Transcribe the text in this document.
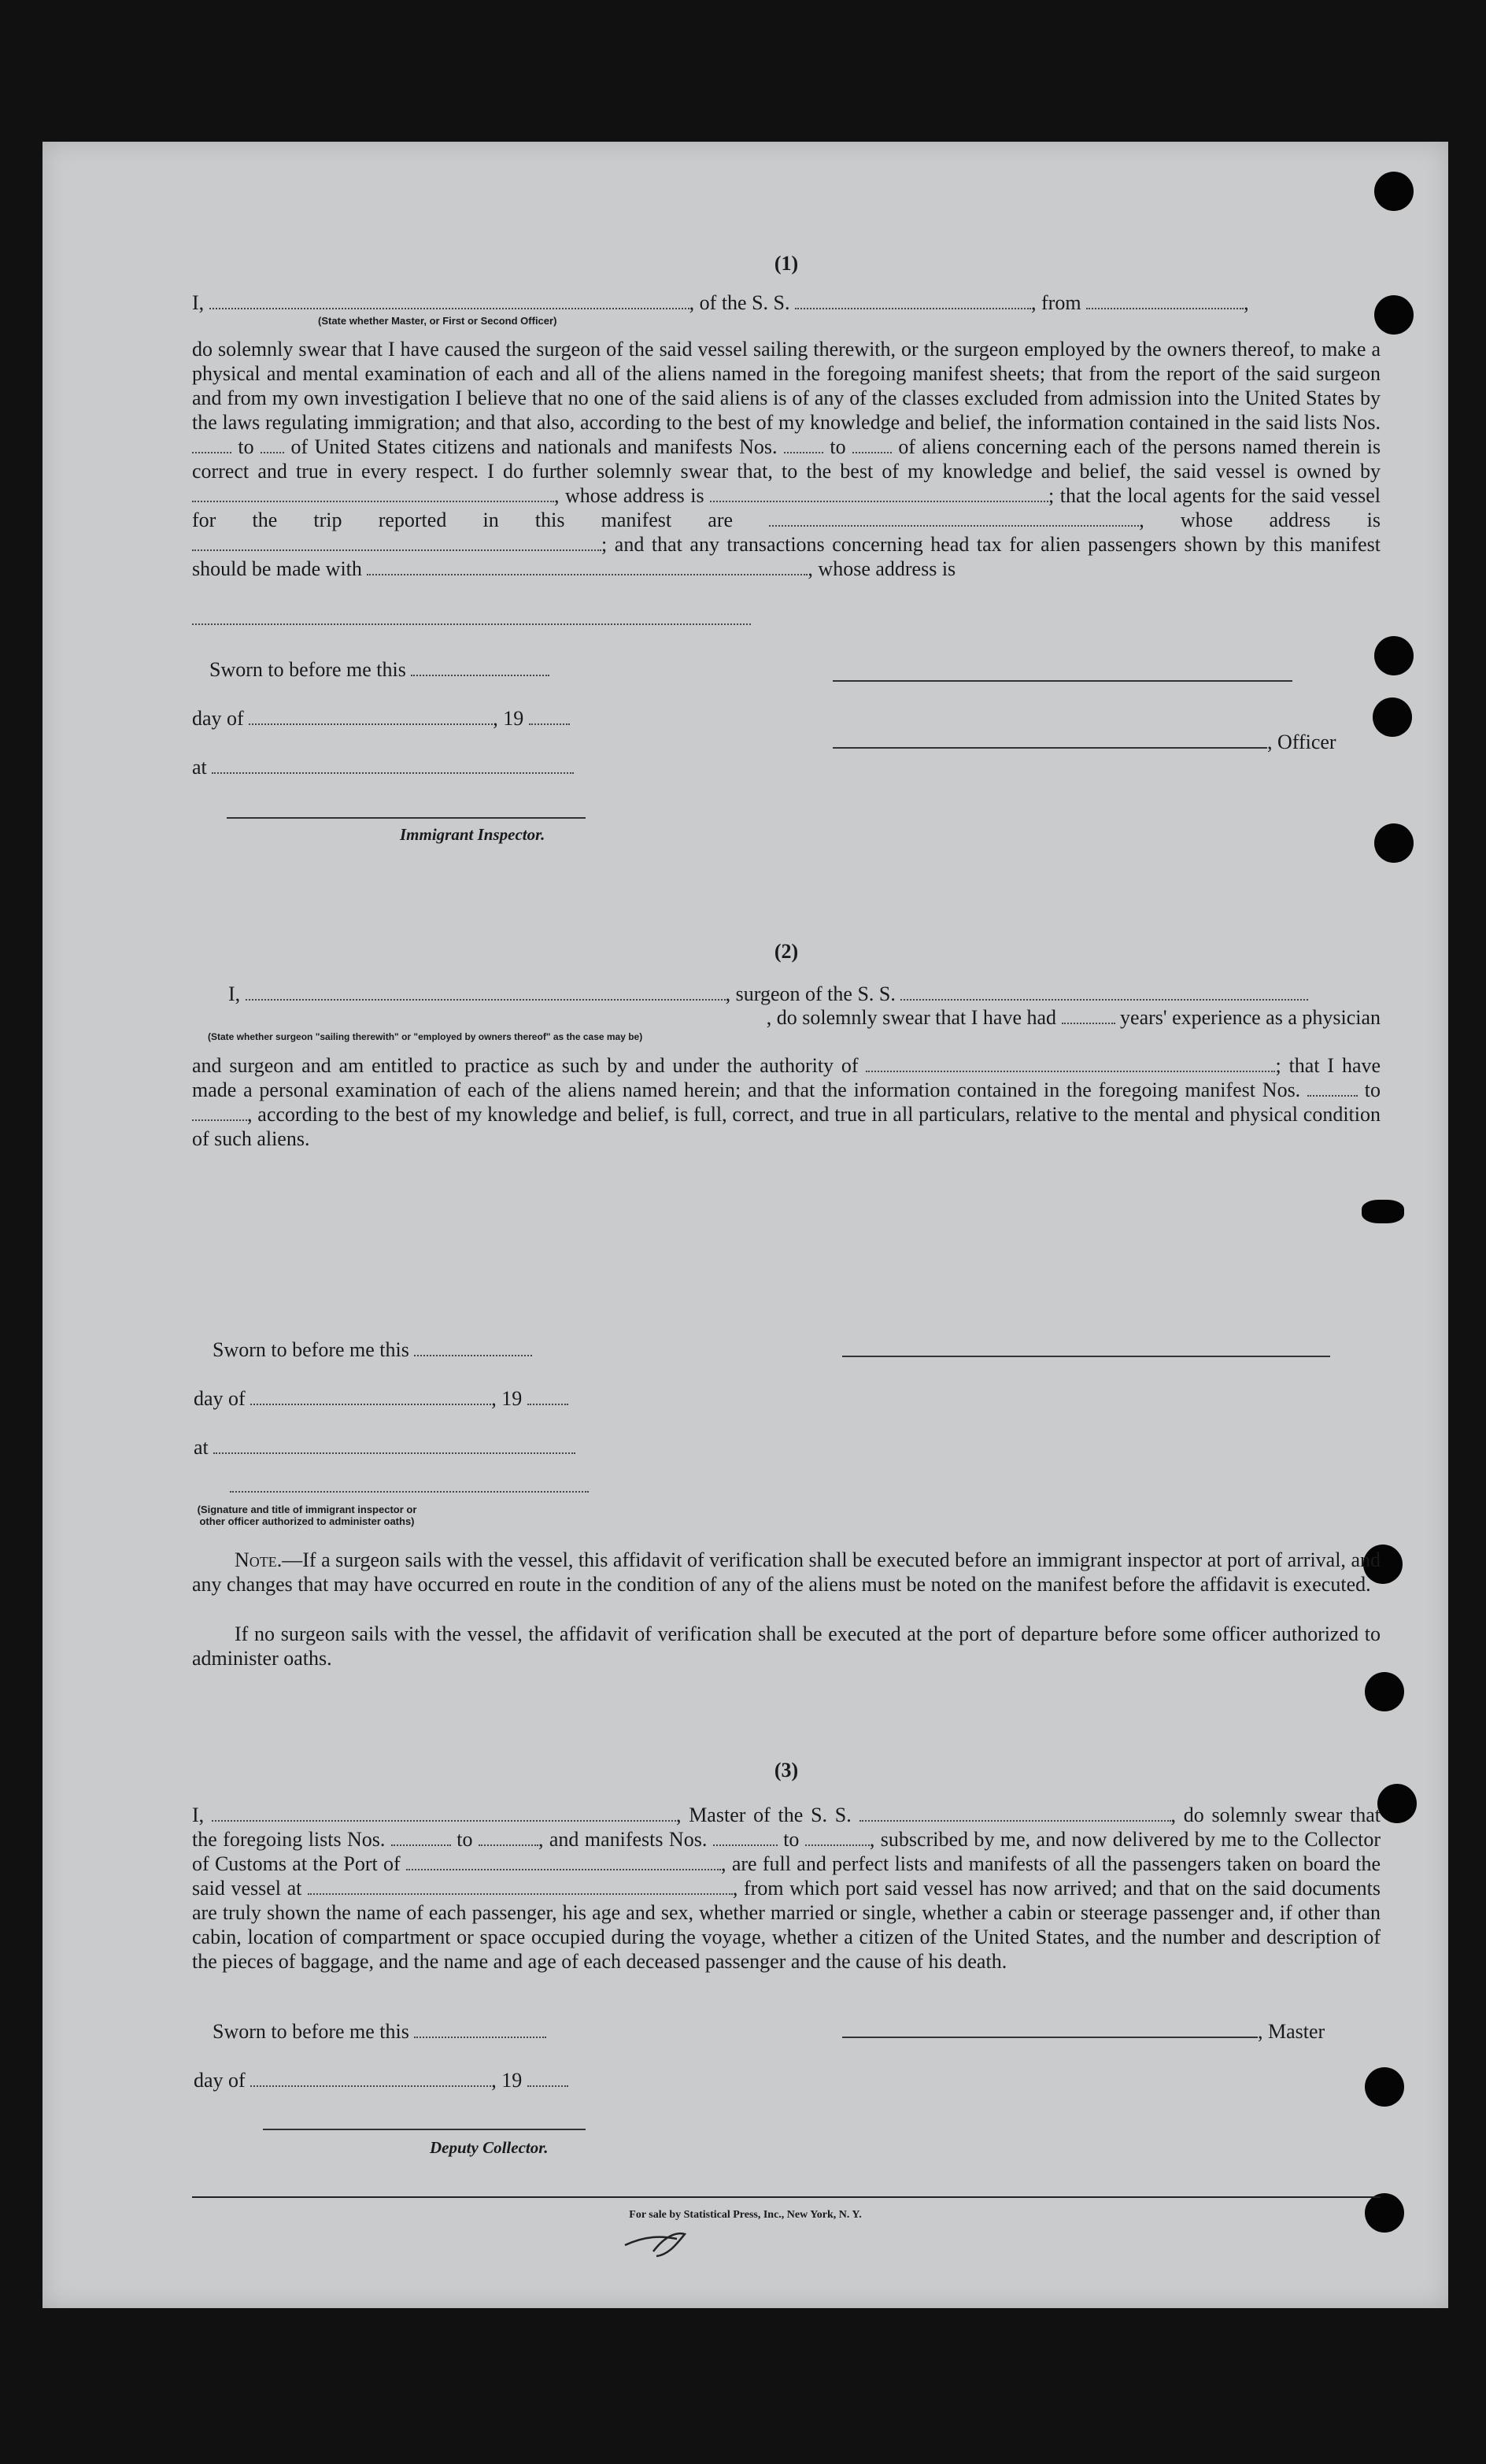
(1)
I,	, of the S. S.	, from	,
(State whether Master, or First or Second Officer)
do solemnly swear that I have caused the surgeon of the said vessel sailing therewith, or the surgeon employed by the owners thereof, to make a physical and mental examination of each and all of the aliens named in the foregoing manifest sheets; that from the report of the said surgeon and from my own investigation I believe that no one of the said aliens is of any of the classes excluded from admission into the United States by the laws regulating immigration; and that also, according to the best of my knowledge and belief, the information contained in the said lists Nos.  to of United States citizens and nationals and manifests Nos.	to	of aliens concerning each of the persons named therein is correct and true in every respect. I do further solemnly swear that, to the best of my knowledge and belief, the said vessel is owned by , whose address is	; that the local agents for the said vessel for the trip reported in this manifest are	, whose address is ; and that any transactions concerning head tax for alien passengers shown by this manifest should be made with	, whose address is
Sworn to before me this
day of	, 19
at
Immigrant Inspector.
, Officer
(2)
I,	, surgeon of the S. S.
, do solemnly swear that I have had	years' experience as a physician
(State whether surgeon "sailing therewith" or "employed by owners thereof" as the case may be)
and surgeon and am entitled to practice as such by and under the authority of	; that I have made a personal examination of each of the aliens named herein; and that the information contained in the foregoing manifest Nos.	to , according to the best of my knowledge and belief, is full, correct, and true in all particulars, relative to the mental and physical condition of such aliens.
Sworn to before me this
day of	, 19
at
(Signature and title of immigrant inspector or
other officer authorized to administer oaths)
Note.—If a surgeon sails with the vessel, this affidavit of verification shall be executed before an immigrant inspector at port of arrival, and any changes that may have occurred en route in the condition of any of the aliens must be noted on the manifest before the affidavit is executed.
If no surgeon sails with the vessel, the affidavit of verification shall be executed at the port of departure before some officer authorized to administer oaths.
(3)
I,	, Master of the S. S.	, do solemnly swear that the foregoing lists Nos.	to	, and manifests Nos.	to	, subscribed by me, and now delivered by me to the Collector of Customs at the Port of	, are full and perfect lists and manifests of all the passengers taken on board the said vessel at	, from which port said vessel has now arrived; and that on the said documents are truly shown the name of each passenger, his age and sex, whether married or single, whether a cabin or steerage passenger and, if other than cabin, location of compartment or space occupied during the voyage, whether a citizen of the United States, and the number and description of the pieces of baggage, and the name and age of each deceased passenger and the cause of his death.
Sworn to before me this	, Master
day of	, 19
Deputy Collector.
For sale by Statistical Press, Inc., New York, N. Y.
